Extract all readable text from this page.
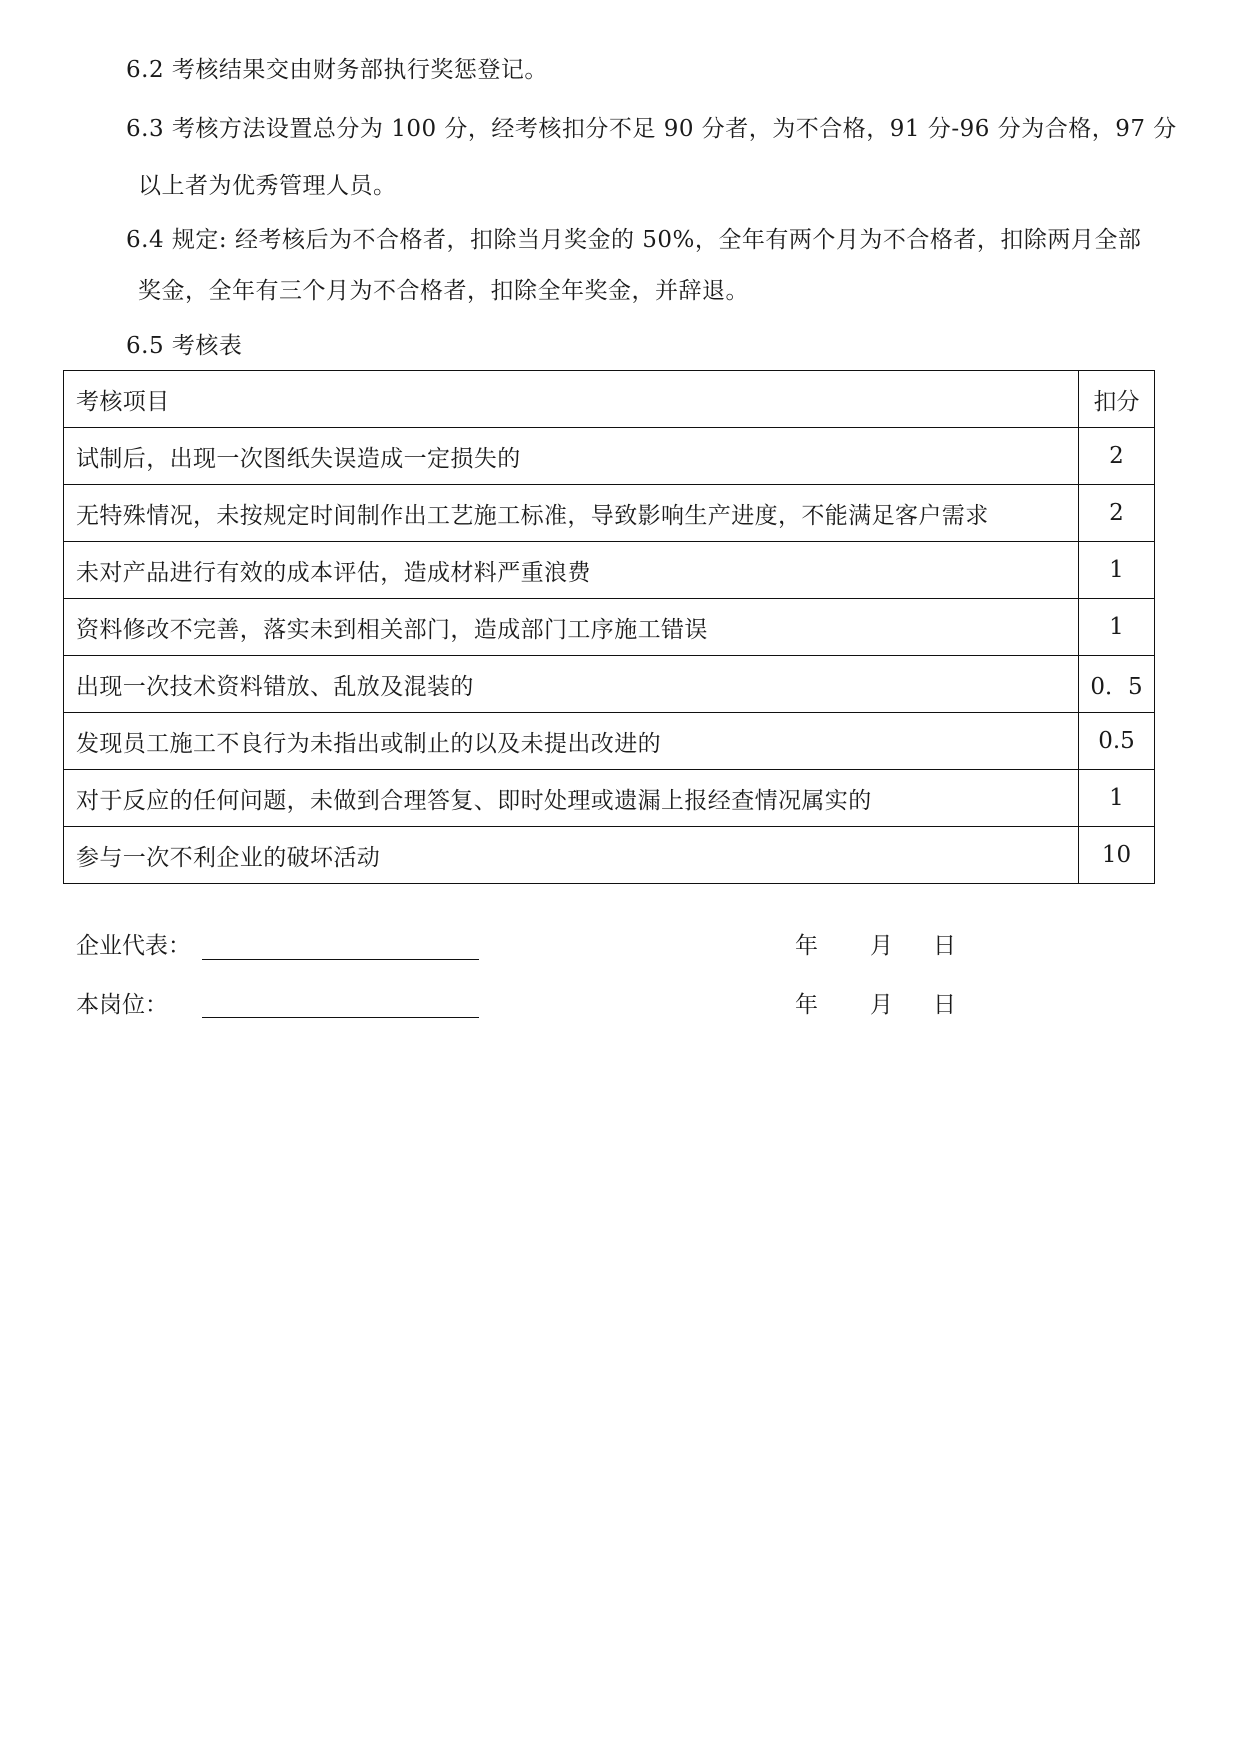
6.2 考核结果交由财务部执行奖惩登记。
6.3 考核方法设置总分为 100 分，经考核扣分不足 90 分者，为不合格，91 分-96 分为合格，97 分
以上者为优秀管理人员。
6.4 规定: 经考核后为不合格者，扣除当月奖金的 50%，全年有两个月为不合格者，扣除两月全部
奖金，全年有三个月为不合格者，扣除全年奖金，并辞退。
6.5 考核表
考核项目	扣分
试制后，出现一次图纸失误造成一定损失的	2
无特殊情况，未按规定时间制作出工艺施工标准，导致影响生产进度，不能满足客户需求	2
未对产品进行有效的成本评估，造成材料严重浪费	1
资料修改不完善，落实未到相关部门，造成部门工序施工错误	1
出现一次技术资料错放、乱放及混装的	0．5
发现员工施工不良行为未指出或制止的以及未提出改进的	0.5
对于反应的任何问题，未做到合理答复、即时处理或遗漏上报经查情况属实的	1
参与一次不利企业的破坏活动	10
企业代表：	年 月 日
本岗位：	年 月 日
